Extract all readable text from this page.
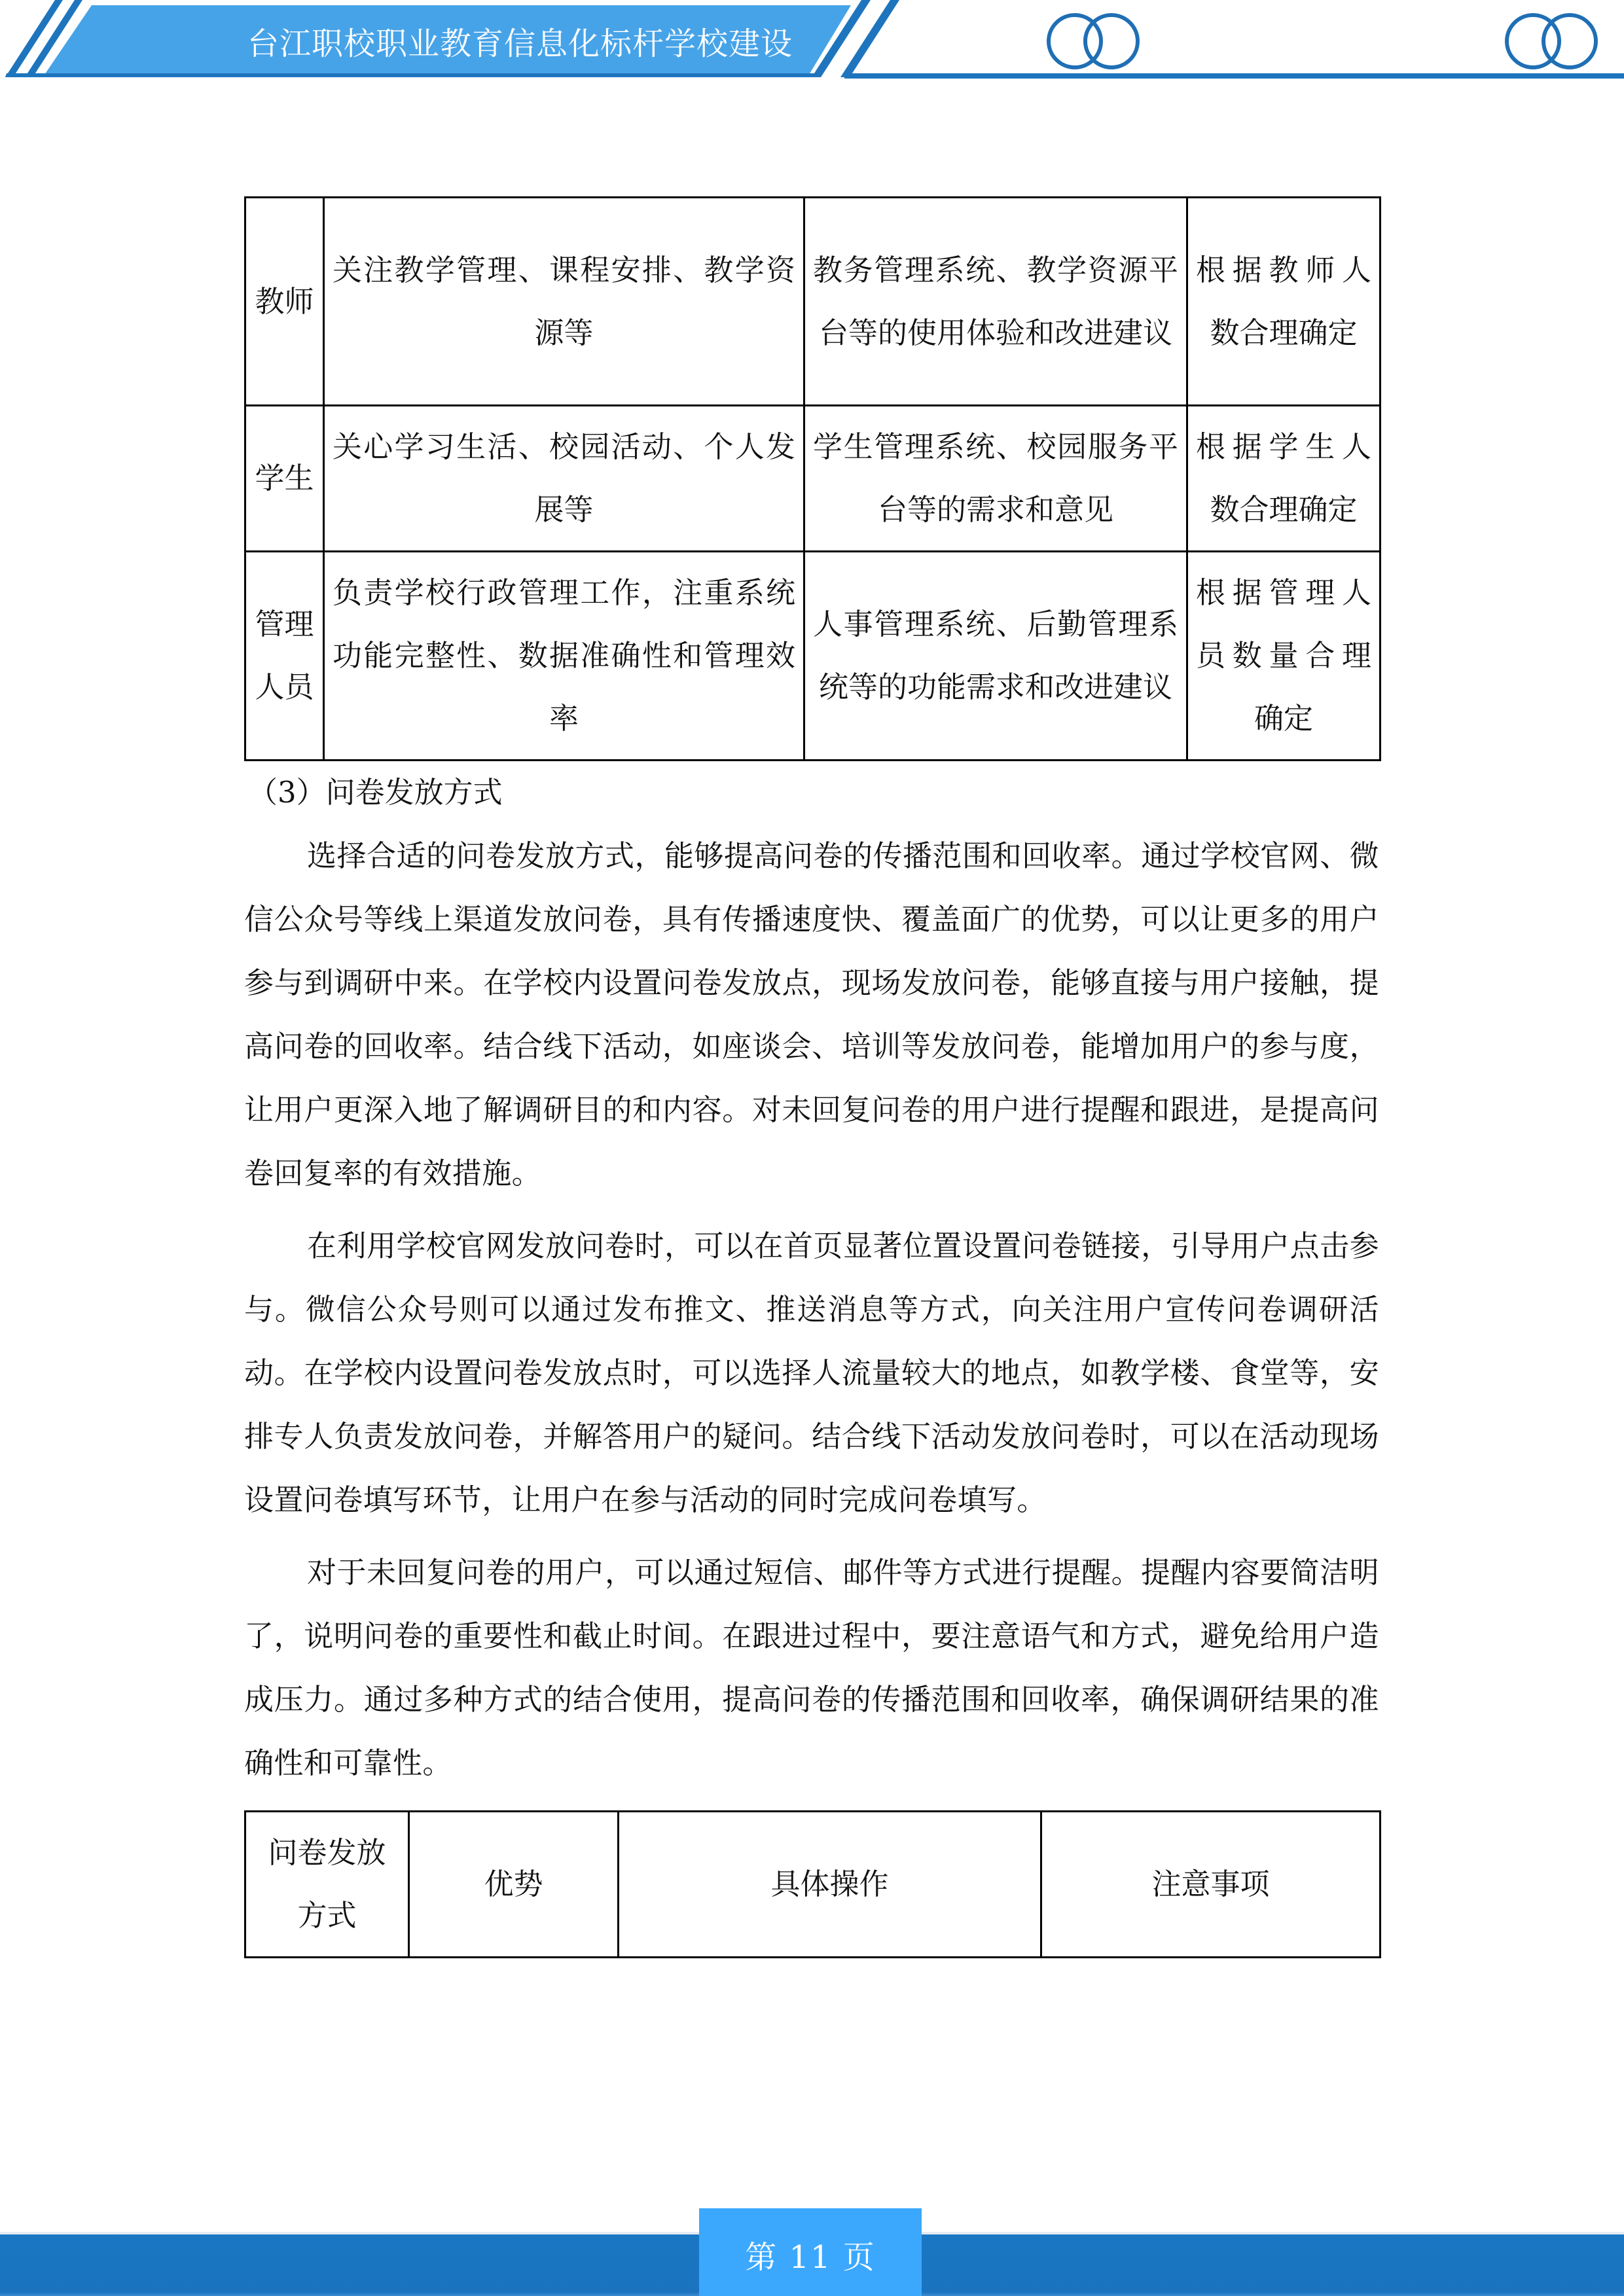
台江职校职业教育信息化标杆学校建设
教师	关注教学管理、课程安排、教学资源等	教务管理系统、教学资源平台等的使用体验和改进建议	根据教师人数合理确定

学生	关心学习生活、校园活动、个人发展等	学生管理系统、校园服务平台等的需求和意见	根据学生人数合理确定

管理人员	负责学校行政管理工作，注重系统功能完整性、数据准确性和管理效率	人事管理系统、后勤管理系统等的功能需求和改进建议	根据管理人员数量合理确定
（3）问卷发放方式

选择合适的问卷发放方式，能够提高问卷的传播范围和回收率。通过学校官网、微信公众号等线上渠道发放问卷，具有传播速度快、覆盖面广的优势，可以让更多的用户参与到调研中来。在学校内设置问卷发放点，现场发放问卷，能够直接与用户接触，提高问卷的回收率。结合线下活动，如座谈会、培训等发放问卷，能增加用户的参与度，让用户更深入地了解调研目的和内容。对未回复问卷的用户进行提醒和跟进，是提高问卷回复率的有效措施。

在利用学校官网发放问卷时，可以在首页显著位置设置问卷链接，引导用户点击参与。微信公众号则可以通过发布推文、推送消息等方式，向关注用户宣传问卷调研活动。在学校内设置问卷发放点时，可以选择人流量较大的地点，如教学楼、食堂等，安排专人负责发放问卷，并解答用户的疑问。结合线下活动发放问卷时，可以在活动现场设置问卷填写环节，让用户在参与活动的同时完成问卷填写。

对于未回复问卷的用户，可以通过短信、邮件等方式进行提醒。提醒内容要简洁明了，说明问卷的重要性和截止时间。在跟进过程中，要注意语气和方式，避免给用户造成压力。通过多种方式的结合使用，提高问卷的传播范围和回收率，确保调研结果的准确性和可靠性。

问卷发放方式	优势	具体操作	注意事项
第 11 页
